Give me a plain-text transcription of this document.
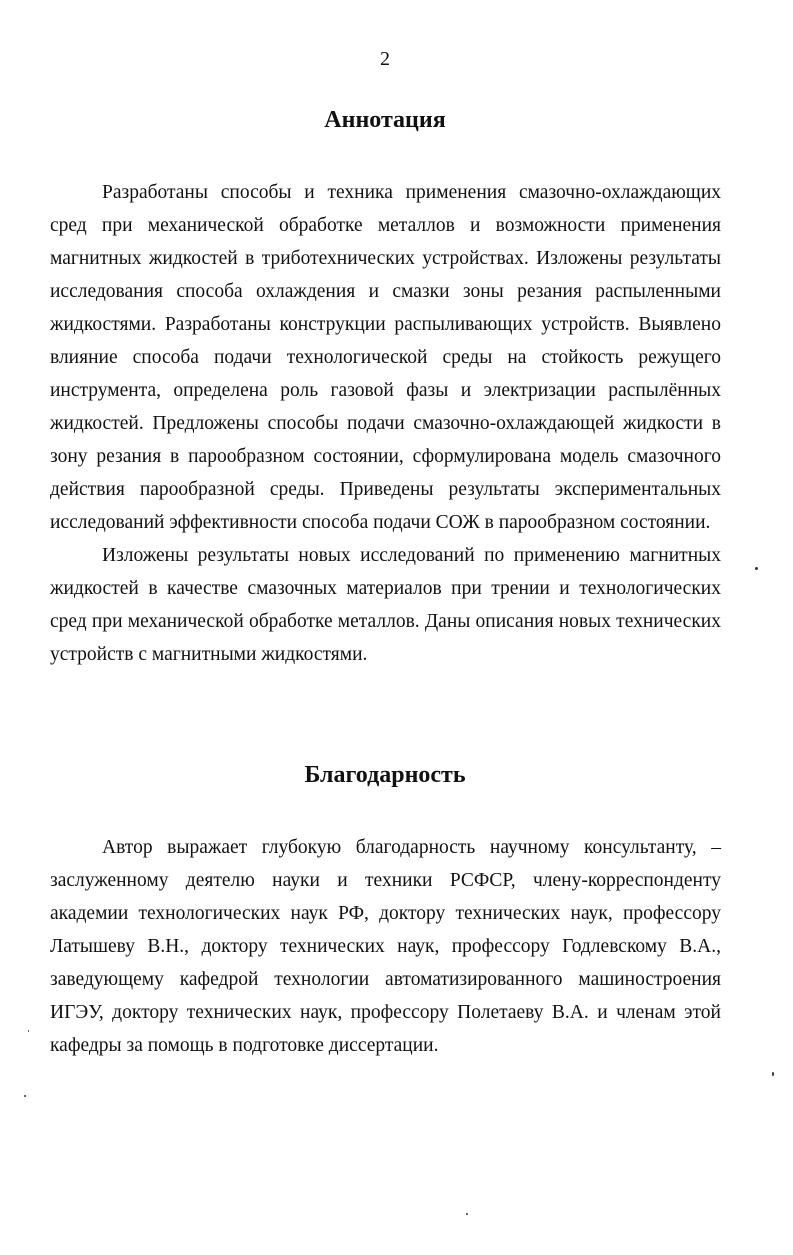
2
Аннотация

Разработаны способы и техника применения смазочно-охлаждающих сред при механической обработке металлов и возможности применения магнитных жидкостей в триботехнических устройствах. Изложены результаты исследования способа охлаждения и смазки зоны резания распыленными жидкостями. Разработаны конструкции распыливающих устройств. Выявлено влияние способа подачи технологической среды на стойкость режущего инструмента, определена роль газовой фазы и электризации распылённых жидкостей. Предложены способы подачи смазочно-охлаждающей жидкости в зону резания в парообразном состоянии, сформулирована модель смазочного действия парообразной среды. Приведены результаты экспериментальных исследований эффективности способа подачи СОЖ в парообразном состоянии.

Изложены результаты новых исследований по применению магнитных жидкостей в качестве смазочных материалов при трении и технологических сред при механической обработке металлов. Даны описания новых технических устройств с магнитными жидкостями.

Благодарность

Автор выражает глубокую благодарность научному консультанту, – заслуженному деятелю науки и техники РСФСР, члену-корреспонденту академии технологических наук РФ, доктору технических наук, профессору Латышеву В.Н., доктору технических наук, профессору Годлевскому В.А., заведующему кафедрой технологии автоматизированного машиностроения ИГЭУ, доктору технических наук, профессору Полетаеву В.А. и членам этой кафедры за помощь в подготовке диссертации.
